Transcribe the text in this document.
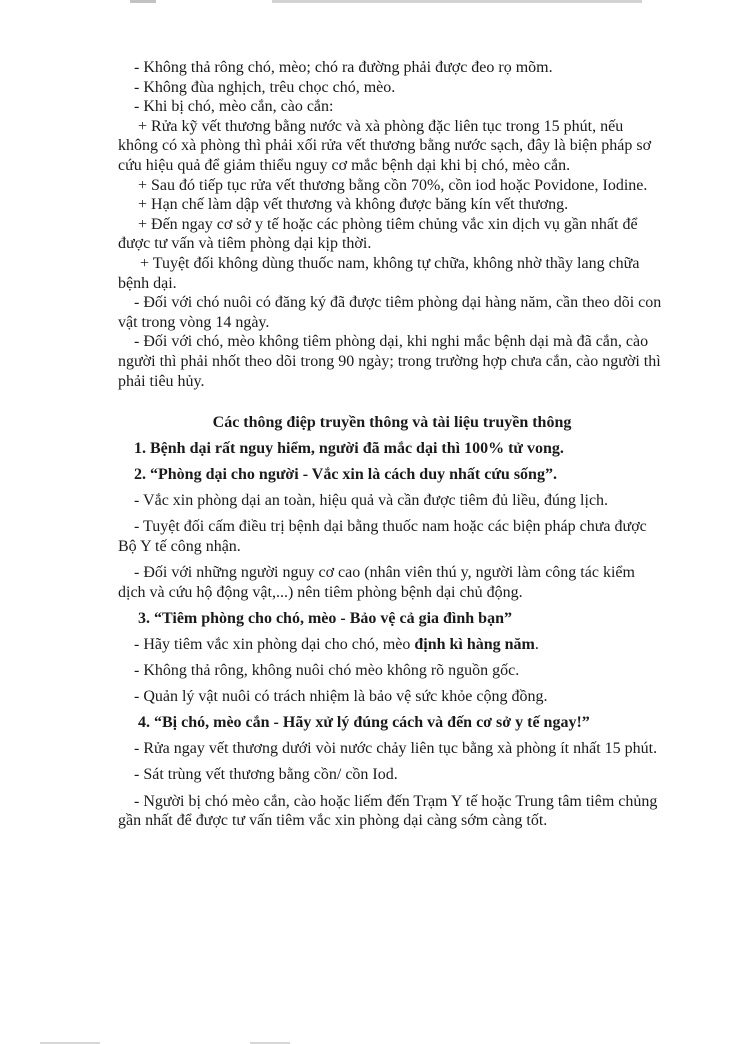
- Không thả rông chó, mèo; chó ra đường phải được đeo rọ mõm.

- Không đùa nghịch, trêu chọc chó, mèo.

- Khi bị chó, mèo cắn, cào cắn:

+ Rửa kỹ vết thương bằng nước và xà phòng đặc liên tục trong 15 phút, nếu không có xà phòng thì phải xối rửa vết thương bằng nước sạch, đây là biện pháp sơ cứu hiệu quả để giảm thiểu nguy cơ mắc bệnh dại khi bị chó, mèo cắn.

+ Sau đó tiếp tục rửa vết thương bằng cồn 70%, cồn iod hoặc Povidone, Iodine.

+ Hạn chế làm dập vết thương và không được băng kín vết thương.

+ Đến ngay cơ sở y tế hoặc các phòng tiêm chủng vắc xin dịch vụ gần nhất để được tư vấn và tiêm phòng dại kịp thời.

+ Tuyệt đối không dùng thuốc nam, không tự chữa, không nhờ thầy lang chữa bệnh dại.

- Đối với chó nuôi có đăng ký đã được tiêm phòng dại hàng năm, cần theo dõi con vật trong vòng 14 ngày.

- Đối với chó, mèo không tiêm phòng dại, khi nghi mắc bệnh dại mà đã cắn, cào người thì phải nhốt theo dõi trong 90 ngày; trong trường hợp chưa cắn, cào người thì phải tiêu hủy.

Các thông điệp truyền thông và tài liệu truyền thông

1. Bệnh dại rất nguy hiểm, người đã mắc dại thì 100% tử vong.

2. “Phòng dại cho người - Vắc xin là cách duy nhất cứu sống”.

- Vắc xin phòng dại an toàn, hiệu quả và cần được tiêm đủ liều, đúng lịch.

- Tuyệt đối cấm điều trị bệnh dại bằng thuốc nam hoặc các biện pháp chưa được Bộ Y tế công nhận.

- Đối với những người nguy cơ cao (nhân viên thú y, người làm công tác kiểm dịch và cứu hộ động vật,...) nên tiêm phòng bệnh dại chủ động.

3. “Tiêm phòng cho chó, mèo - Bảo vệ cả gia đình bạn”

- Hãy tiêm vắc xin phòng dại cho chó, mèo định kì hàng năm.

- Không thả rông, không nuôi chó mèo không rõ nguồn gốc.

- Quản lý vật nuôi có trách nhiệm là bảo vệ sức khỏe cộng đồng.

4. “Bị chó, mèo cắn - Hãy xử lý đúng cách và đến cơ sở y tế ngay!”

- Rửa ngay vết thương dưới vòi nước chảy liên tục bằng xà phòng ít nhất 15 phút.

- Sát trùng vết thương bằng cồn/ cồn Iod.

- Người bị chó mèo cắn, cào hoặc liếm đến Trạm Y tế hoặc Trung tâm tiêm chủng gần nhất để được tư vấn tiêm vắc xin phòng dại càng sớm càng tốt.
